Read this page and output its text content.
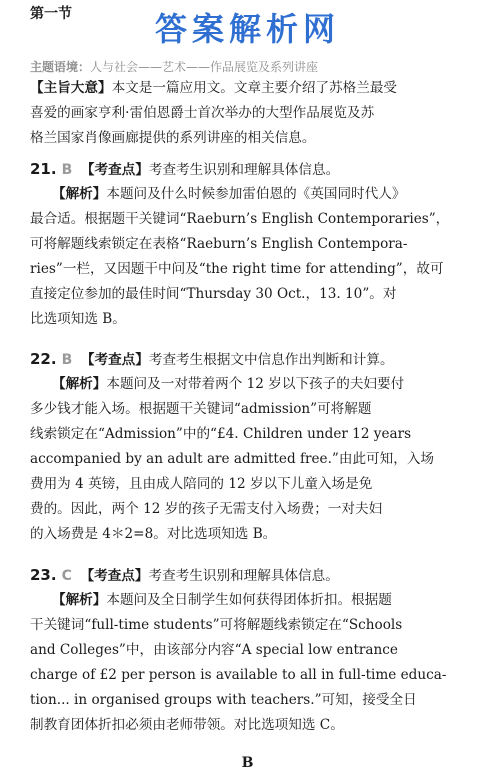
第一节	答案解析网
主题语境：人与社会——艺术——作品展览及系列讲座
【主旨大意】本文是一篇应用文。文章主要介绍了苏格兰最受
喜爱的画家亨利·雷伯恩爵士首次举办的大型作品展览及苏
格兰国家肖像画廊提供的系列讲座的相关信息。
21. B 【考查点】考查考生识别和理解具体信息。
【解析】本题问及什么时候参加雷伯恩的《英国同时代人》
最合适。根据题干关键词“Raeburn’s English Contemporaries”，
可将解题线索锁定在表格“Raeburn’s English Contempora-
ries”一栏，又因题干中问及“the right time for attending”，故可
直接定位参加的最佳时间“Thursday 30 Oct.，13. 10”。对
比选项知选 B。
22. B 【考查点】考查考生根据文中信息作出判断和计算。
【解析】本题问及一对带着两个 12 岁以下孩子的夫妇要付
多少钱才能入场。根据题干关键词“admission”可将解题
线索锁定在“Admission”中的“£4. Children under 12 years
accompanied by an adult are admitted free.”由此可知，入场
费用为 4 英镑，且由成人陪同的 12 岁以下儿童入场是免
费的。因此，两个 12 岁的孩子无需支付入场费；一对夫妇
的入场费是 4＊2=8。对比选项知选 B。
23. C 【考查点】考查考生识别和理解具体信息。
【解析】本题问及全日制学生如何获得团体折扣。根据题
干关键词“full-time students”可将解题线索锁定在“Schools
and Colleges”中，由该部分内容“A special low entrance
charge of £2 per person is available to all in full-time educa-
tion... in organised groups with teachers.”可知，接受全日
制教育团体折扣必须由老师带领。对比选项知选 C。
B
